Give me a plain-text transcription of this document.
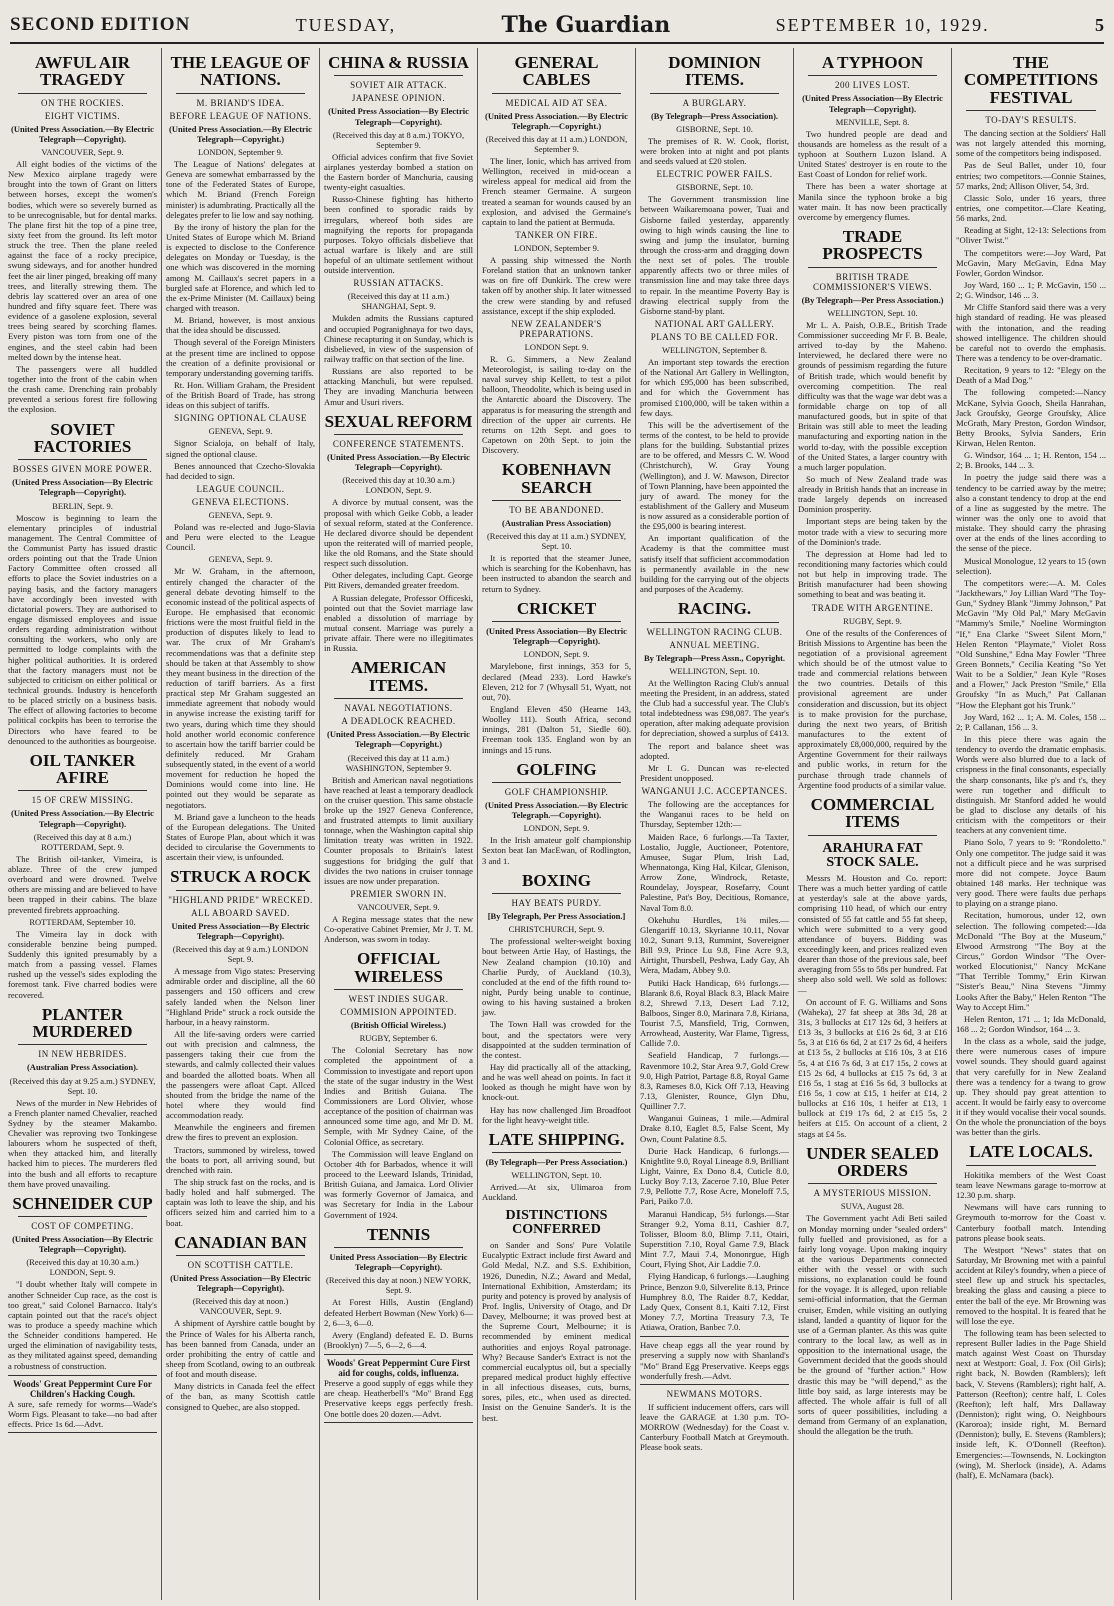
SECOND EDITION	TUESDAY,	The Guardian	SEPTEMBER 10, 1929.	5
AWFUL AIR TRAGEDY
ON THE ROCKIES.
EIGHT VICTIMS.
(United Press Association.—By Electric Telegraph—Copyright).
VANCOUVER, Sept. 9.
All eight bodies of the victims of the New Mexico airplane tragedy were brought into the town of Grant on litters between horses, except the women's bodies, which were so severely burned as to be unrecognisable, but for dental marks. The plane first hit the top of a pine tree, sixty feet from the ground. Its left motor struck the tree. Then the plane reeled against the face of a rocky precipice, swung sideways, and for another hundred feet the air liner pinged, breaking off many trees, and literally strewing them. The debris lay scattered over an area of one hundred and fifty square feet. There was evidence of a gasolene explosion, several trees being seared by scorching flames. Every piston was torn from one of the engines, and the steel cabin had been melted down by the intense heat.
The passengers were all huddled together into the front of the cabin when the crash came. Drenching rain probably prevented a serious forest fire following the explosion.
SOVIET FACTORIES
BOSSES GIVEN MORE POWER.
(United Press Association—By Electric Telegraph—Copyright).
BERLIN, Sept. 9.
Moscow is beginning to learn the elementary principles of industrial management. The Central Committee of the Communist Party has issued drastic orders pointing out that the Trade Union Factory Committee often crossed all efforts to place the Soviet industries on a paying basis, and the factory managers have accordingly been invested with dictatorial powers. They are authorised to engage dismissed employees and issue orders regarding administration without consulting the workers, who only are permitted to lodge complaints with the higher political authorities. It is ordered that the factory managers must not be subjected to criticism on either political or technical grounds. Industry is henceforth to be placed strictly on a business basis. The effect of allowing factories to become political cockpits has been to terrorise the Directors who have feared to be denounced to the authorities as bourgeoise.
OIL TANKER AFIRE
15 OF CREW MISSING.
(United Press Association.—By Electric Telegraph—Copyright).
(Received this day at 8 a.m.) ROTTERDAM, Sept. 9.
The British oil-tanker, Vimeira, is ablaze. Three of the crew jumped overboard and were drowned. Twelve others are missing and are believed to have been trapped in their cabins. The blaze prevented firebrets approaching.
ROTTERDAM, September 10.
The Vimeira lay in dock with considerable benzine being pumped. Suddenly this ignited presumably by a match from a passing vessel. Flames rushed up the vessel's sides exploding the foremost tank. Five charred bodies were recovered.
PLANTER MURDERED
IN NEW HEBRIDES.
(Australian Press Association).
(Received this day at 9.25 a.m.) SYDNEY, Sept. 10.
News of the murder in New Hebrides of a French planter named Chevalier, reached Sydney by the steamer Makambo. Chevalier was reproving two Tonkingese labourers whom he suspected of theft, when they attacked him, and literally hacked him to pieces. The murderers fled into the bush and all efforts to recapture them have proved unavailing.
SCHNEIDER CUP
COST OF COMPETING.
(United Press Association—By Electric Telegraph—Copyright).
(Received this day at 10.30 a.m.) LONDON, Sept. 9.
"I doubt whether Italy will compete in another Schneider Cup race, as the cost is too great," said Colonel Barnacco. Italy's captain pointed out that the race's object was to produce a speedy machine which the Schneider conditions hampered. He urged the elimination of navigability tests, as they militated against speed, demanding a robustness of construction.
Woods' Great Peppermint Cure For Children's Hacking Cough.
A sure, safe remedy for worms—Wade's Worm Figs. Pleasant to take—no bad after effects. Price 1s 6d.—Advt.
THE LEAGUE OF NATIONS.
M. BRIAND'S IDEA.
BEFORE LEAGUE OF NATIONS.
(United Press Association.—By Electric Telegraph—Copyright.)
LONDON, September 9.
The League of Nations' delegates at Geneva are somewhat embarrassed by the tone of the Federated States of Europe, which M. Briand (French Foreign minister) is adumbrating. Practically all the delegates prefer to lie low and say nothing.
By the irony of history the plan for the United States of Europe which M. Briand is expected to disclose to the Conference delegates on Monday or Tuesday, is the one which was discovered in the morning among M. Caillaux's secret papers in a burgled safe at Florence, and which led to the ex-Prime Minister (M. Caillaux) being charged with treason.
M. Briand, however, is most anxious that the idea should be discussed.
Though several of the Foreign Ministers at the present time are inclined to oppose the creation of a definite provisional or temporary understanding governing tariffs.
Rt. Hon. William Graham, the President of the British Board of Trade, has strong ideas on this subject of tariffs.
SIGNING OPTIONAL CLAUSE
GENEVA, Sept. 9.
Signor Scialoja, on behalf of Italy, signed the optional clause.
Benes announced that Czecho-Slovakia had decided to sign.
LEAGUE COUNCIL.
GENEVA ELECTIONS.
GENEVA, Sept. 9.
Poland was re-elected and Jugo-Slavia and Peru were elected to the League Council.
GENEVA, Sept. 9.
Mr W. Graham, in the afternoon, entirely changed the character of the general debate devoting himself to the economic instead of the political aspects of Europe. He emphasised that economic frictions were the most fruitful field in the production of disputes likely to lead to war. The crux of Mr Graham's recommendations was that a definite step should be taken at that Assembly to show they meant business in the direction of the reduction of tariff barriers. As a first practical step Mr Graham suggested an immediate agreement that nobody would in anywise increase the existing tariff for two years, during which time they should hold another world economic conference to ascertain how the tariff barrier could be definitely reduced. Mr Graham subsequently stated, in the event of a world movement for reduction he hoped the Dominions would come into line. He pointed out they would be separate as negotiators.
M. Briand gave a luncheon to the heads of the European delegations. The United States of Europe Plan, about which it was decided to circularise the Governments to ascertain their view, is unfounded.
STRUCK A ROCK
"HIGHLAND PRIDE" WRECKED.
ALL ABOARD SAVED.
United Press Association—By Electric Telegraph—Copyright).
(Received this day at 9 a.m.) LONDON Sept. 9.
A message from Vigo states: Preserving admirable order and discipline, all the 60 passengers and 150 officers and crew safely landed when the Nelson liner "Highland Pride" struck a rock outside the harbour, in a heavy rainstorm.
All the life-saving orders were carried out with precision and calmness, the passengers taking their cue from the stewards, and calmly collected their values and boarded the allotted boats. When all the passengers were afloat Capt. Allced shouted from the bridge the name of the hotel where they would find accommodation ready.
Meanwhile the engineers and firemen drew the fires to prevent an explosion.
Tractors, summoned by wireless, towed the boats to port, all arriving sound, but drenched with rain.
The ship struck fast on the rocks, and is badly holed and half submerged. The captain was loth to leave the ship, and his officers seized him and carried him to a boat.
CANADIAN BAN
ON SCOTTISH CATTLE.
(United Press Association—By Electric Telegraph—Copyright).
(Received this day at noon.) VANCOUVER, Sept. 9.
A shipment of Ayrshire cattle bought by the Prince of Wales for his Alberta ranch, has been banned from Canada, under an order prohibiting the entry of cattle and sheep from Scotland, owing to an outbreak of foot and mouth disease.
Many districts in Canada feel the effect of the ban, as many Scottish cattle consigned to Quebec, are also stopped.
CHINA & RUSSIA
SOVIET AIR ATTACK.
JAPANESE OPINION.
(United Press Association—By Electric Telegraph—Copyright).
(Received this day at 8 a.m.) TOKYO, September 9.
Official advices confirm that five Soviet airplanes yesterday bombed a station on the Eastern border of Manchuria, causing twenty-eight casualties.
Russo-Chinese fighting has hitherto been confined to sporadic raids by irregulars, whereof both sides are magnifying the reports for propaganda purposes. Tokyo officials disbelieve that actual warfare is likely and are still hopeful of an ultimate settlement without outside intervention.
RUSSIAN ATTACKS.
(Received this day at 11 a.m.) SHANGHAI, Sept. 9.
Mukden admits the Russians captured and occupied Pogranighnaya for two days, Chinese recapturing it on Sunday, which is disbelieved, in view of the suspension of railway traffic on that section of the line.
Russians are also reported to be attacking Manchuli, but were repulsed. They are invading Manchuria between Amur and Usuri rivers.
SEXUAL REFORM
CONFERENCE STATEMENTS.
(United Press Association.—By Electric Telegraph—Copyright).
(Received this day at 10.30 a.m.) LONDON, Sept. 9.
A divorce by mutual consent, was the proposal with which Geike Cobb, a leader of sexual reform, stated at the Conference. He declared divorce should be dependent upon the reiterated will of married people, like the old Romans, and the State should respect such dissolution.
Other delegates, including Capt. George Pitt Rivers, demanded greater freedom.
A Russian delegate, Professor Officeski, pointed out that the Soviet marriage law enabled a dissolution of marriage by mutual consent. Marriage was purely a private affair. There were no illegitimates in Russia.
AMERICAN ITEMS.
NAVAL NEGOTIATIONS.
A DEADLOCK REACHED.
(United Press Association.—By Electric Telegraph—Copyright.)
(Received this day at 11 a.m.) WASHINGTON, September 9.
British and American naval negotiations have reached at least a temporary deadlock on the cruiser question. This same obstacle broke up the 1927 Geneva Conference, and frustrated attempts to limit auxiliary tonnage, when the Washington capital ship limitation treaty was written in 1922. Counter proposals to Britain's latest suggestions for bridging the gulf that divides the two nations in cruiser tonnage issues are now under preparation.
PREMIER SWORN IN.
VANCOUVER, Sept. 9.
A Regina message states that the new Co-operative Cabinet Premier, Mr J. T. M. Anderson, was sworn in today.
OFFICIAL WIRELESS
WEST INDIES SUGAR.
COMMISION APPOINTED.
(British Official Wireless.)
RUGBY, September 6.
The Colonial Secretary has now completed the appointment of a Commission to investigate and report upon the state of the sugar industry in the West Indies and British Guiana. The Commissioners are Lord Olivier, whose acceptance of the position of chairman was announced some time ago, and Mr D. M. Semple, with Mr Sydney Caine, of the Colonial Office, as secretary.
The Commission will leave England on October 4th for Barbados, whence it will proceed to the Leeward Islands, Trinidad, British Guiana, and Jamaica. Lord Olivier was formerly Governor of Jamaica, and was Secretary for India in the Labour Government of 1924.
TENNIS
United Press Association—By Electric Telegraph—Copyright).
(Received this day at noon.) NEW YORK, Sept. 9.
At Forest Hills, Austin (England) defeated Herbert Bowman (New York) 6—2, 6—3, 6—0.
Avery (England) defeated E. D. Burns (Brooklyn) 7—5, 6—2, 6—4.
Woods' Great Peppermint Cure First aid for coughs, colds, influenza.
Preserve a good supply of eggs while they are cheap. Heatherbell's "Mo" Brand Egg Preservative keeps eggs perfectly fresh. One bottle does 20 dozen.—Advt.
GENERAL CABLES
MEDICAL AID AT SEA.
(United Press Association.—By Electric Telegraph.—Copyright.)
(Received this day at 11 a.m.) LONDON, September 9.
The liner, Ionic, which has arrived from Wellington, received in mid-ocean a wireless appeal for medical aid from the French steamer Germaine. A surgeon treated a seaman for wounds caused by an explosion, and advised the Germaine's captain to land the patient at Bermuda.
TANKER ON FIRE.
LONDON, September 9.
A passing ship witnessed the North Foreland station that an unknown tanker was on fire off Dunkirk. The crew were taken off by another ship. It later witnessed the crew were standing by and refused assistance, except if the ship exploded.
NEW ZEALANDER'S PREPARATIONS.
LONDON Sept. 9.
R. G. Simmers, a New Zealand Meteorologist, is sailing to-day on the naval survey ship Kellett, to test a pilot balloon, Theodolite, which is being used in the Antarctic aboard the Discovery. The apparatus is for measuring the strength and direction of the upper air currents. He returns on 12th Sept. and goes to Capetown on 20th Sept. to join the Discovery.
KOBENHAVN SEARCH
TO BE ABANDONED.
(Australian Press Association)
(Received this day at 11 a.m.) SYDNEY, Sept. 10.
It is reported that the steamer Junee, which is searching for the Kobenhavn, has been instructed to abandon the search and return to Sydney.
CRICKET
(United Press Association—By Electric Telegraph—Copyright).
LONDON, Sept. 9.
Marylebone, first innings, 353 for 5, declared (Mead 233). Lord Hawke's Eleven, 212 for 7 (Whysall 51, Wyatt, not out, 70).
England Eleven 450 (Hearne 143, Woolley 111). South Africa, second innings, 281 (Dalton 51, Siedle 60). Freeman took 135. England won by an innings and 15 runs.
GOLFING
GOLF CHAMPIONSHIP.
(United Press Association.—By Electric Telegraph.—Copyright).
LONDON, Sept. 9.
In the Irish amateur golf championship Sexton beat Ian MacEwan, of Rodlington, 3 and 1.
BOXING
HAY BEATS PURDY.
[By Telegraph, Per Press Association.]
CHRISTCHURCH, Sept. 9.
The professional welter-weight boxing bout between Artie Hay, of Hastings, the New Zealand champion (10.10) and Charlie Purdy, of Auckland (10.3), concluded at the end of the fifth round to-night, Purdy being unable to continue, owing to his having sustained a broken jaw.
The Town Hall was crowded for the bout, and the spectators were very disappointed at the sudden termination of the contest.
Hay did practically all of the attacking, and he was well ahead on points. In fact it looked as though he might have won by knock-out.
Hay has now challenged Jim Broadfoot for the light heavy-weight title.
LATE SHIPPING.
(By Telegraph—Per Press Association.)
WELLINGTON, Sept. 10.
Arrived.—At six, Ulimaroa from Auckland.
DISTINCTIONS CONFERRED
on Sander and Sons' Pure Volatile Eucalyptic Extract include first Award and Gold Medal, N.Z. and S.S. Exhibition, 1926, Dunedin, N.Z.; Award and Medal, International Exhibition, Amsterdam; its purity and potency is proved by analysis of Prof. Inglis, University of Otago, and Dr Davey, Melbourne; it was proved best at the Supreme Court, Melbourne; it is recommended by eminent medical authorities and enjoys Royal patronage. Why? Because Sander's Extract is not the commercial eucalyptus oil, but a specially prepared medical product highly effective in all infectious diseases, cuts, burns, sores, piles, etc., when used as directed. Insist on the Genuine Sander's. It is the best.
DOMINION ITEMS.
A BURGLARY.
(By Telegraph—Press Association).
GISBORNE, Sept. 10.
The premises of R. W. Cook, florist, were broken into at night and pot plants and seeds valued at £20 stolen.
ELECTRIC POWER FAILS.
GISBORNE, Sept. 10.
The Government transmission line between Waikaremoana power, Tuai and Gisborne failed yesterday, apparently owing to high winds causing the line to swing and jump the insulator, burning through the cross-arm and dragging down the next set of poles. The trouble apparently affects two or three miles of transmission line and may take three days to repair. In the meantime Poverty Bay is drawing electrical supply from the Gisborne stand-by plant.
NATIONAL ART GALLERY.
PLANS TO BE CALLED FOR.
WELLINGTON, September 8.
An important step towards the erection of the National Art Gallery in Wellington, for which £95,000 has been subscribed, and for which the Government has promised £100,000, will be taken within a few days.
This will be the advertisement of the terms of the contest, to be held to provide plans for the building. Substantial prizes are to be offered, and Messrs C. W. Wood (Christchurch), W. Gray Young (Wellington), and J. W. Mawson, Director of Town Planning, have been appointed the jury of award. The money for the establishment of the Gallery and Museum is now assured as a considerable portion of the £95,000 is bearing interest.
An important qualification of the Academy is that the committee must satisfy itself that sufficient accommodation is permanently available in the new building for the carrying out of the objects and purposes of the Academy.
RACING.
WELLINGTON RACING CLUB.
ANNUAL MEETING.
By Telegraph—Press Assn., Copyright.
WELLINGTON, Sept. 10.
At the Wellington Racing Club's annual meeting the President, in an address, stated the Club had a successful year. The Club's total indebtedness was £98,087. The year's operation, after making adequate provision for depreciation, showed a surplus of £413.
The report and balance sheet was adopted.
Mr I. G. Duncan was re-elected President unopposed.
WANGANUI J.C. ACCEPTANCES.
The following are the acceptances for the Wanganui races to be held on Thursday, September 12th:—
Maiden Race, 6 furlongs.—Ta Taxter, Lostalio, Juggle, Auctioneer, Potentore, Amusee, Sugar Plum, Irish Lad, Whennatonga, King Hal, Kilcar, Glenison, Arrow Zone, Windrock, Retaste, Roundelay, Joyspear, Rosefarry, Count Palestine, Pat's Boy, Decitious, Romance, Naval Tom 8.0.
Okehuhu Hurdles, 1¾ miles.—Glengariff 10.13, Skyrianne 10.11, Novar 10.2, Sunart 9.13, Rummint, Sovereigner Bill 9.9, Prince Lu 9.8, Fine Acre 9.3, Airtight, Thursbell, Peshwa, Lady Gay, Ah Wera, Madam, Abbey 9.0.
Putiki Hack Handicap, 6½ furlongs.—Blarank 8.6, Royal Black 8.3, Black Maire 8.2, Shrewd 7.13, Desert Lad 7.12, Balboos, Singer 8.0, Marinara 7.8, Kiriana, Tourist 7.5, Mansfield, Trig, Cornwen, Arrowhead, Austerity, War Flame, Tigress, Callide 7.0.
Seafield Handicap, 7 furlongs.—Ravenmore 10.2, Star Area 9.7, Gold Crew 9.0, High Patriot, Partage 8.8, Royal Game 8.3, Rameses 8.0, Kick Off 7.13, Heaving 7.13, Glenister, Rounce, Glyn Dhu, Quilliner 7.7.
Wanganui Guineas, 1 mile.—Admiral Drake 8.10, Eaglet 8.5, False Scent, My Own, Count Palatine 8.5.
Durie Hack Handicap, 6 furlongs.—Knightlite 9.0, Royal Lineage 8.9, Brilliant Light, Vainre, Ex Dono 8.4, Cuticle 8.0, Lucky Boy 7.13, Zaceroe 7.10, Blue Peter 7.9, Pellotte 7.7, Rose Acre, Moneloff 7.5, Pari, Paiko 7.0.
Maranui Handicap, 5½ furlongs.—Star Stranger 9.2, Yoma 8.11, Cashier 8.7, Tolisser, Bloom 8.0, Blimp 7.11, Otairi, Superstition 7.10, Royal Game 7.9, Black Mint 7.7, Maui 7.4, Mononrgue, High Court, Flying Shot, Air Laddie 7.0.
Flying Handicap, 6 furlongs.—Laughing Prince, Benzon 9.0, Silverelite 8.13, Prince Humphrey 8.0, The Raider 8.7, Keddar, Lady Quex, Consent 8.1, Kaiti 7.12, First Money 7.7, Mortina Treasury 7.3, Te Atiawa, Oration, Banbec 7.0.
Have cheap eggs all the year round by preserving a supply now with Shanland's "Mo" Brand Egg Preservative. Keeps eggs wonderfully fresh.—Advt.
NEWMANS MOTORS.
If sufficient inducement offers, cars will leave the GARAGE at 1.30 p.m. TO-MORROW (Wednesday) for the Coast v. Canterbury Football Match at Greymouth. Please book seats.
A TYPHOON
200 LIVES LOST.
(United Press Association—By Electric Telegraph—Copyright).
MENVILLE, Sept. 8.
Two hundred people are dead and thousands are homeless as the result of a typhoon at Southern Luzon Island. A United States' destroyer is en route to the East Coast of London for relief work.
There has been a water shortage at Manila since the typhoon broke a big water main. It has now been practically overcome by emergency flumes.
TRADE PROSPECTS
BRITISH TRADE COMMISSIONER'S VIEWS.
(By Telegraph—Per Press Association.)
WELLINGTON, Sept. 10.
Mr L. A. Paish, O.B.E., British Trade Commissioner succeeding Mr F. B. Beale, arrived to-day by the Maheno. Interviewed, he declared there were no grounds of pessimism regarding the future of British trade, which would benefit by overcoming competition. The real difficulty was that the wage war debt was a formidable charge on top of all manufactured goods, but in spite of that Britain was still able to meet the leading manufacturing and exporting nation in the world to-day, with the possible exception of the United States, a larger country with a much larger population.
So much of New Zealand trade was already in British hands that an increase in trade largely depends on increased Dominion prosperity.
Important steps are being taken by the motor trade with a view to securing more of the Dominion's trade.
The depression at Home had led to reconditioning many factories which could not but help in improving trade. The British manufacturer had been showing something to beat and was beating it.
TRADE WITH ARGENTINE.
RUGBY, Sept. 9.
One of the results of the Conferences of British Missions to Argentine has been the negotiation of a provisional agreement which should be of the utmost value to trade and commercial relations between the two countries. Details of this provisional agreement are under consideration and discussion, but its object is to make provision for the purchase, during the next two years, of British manufactures to the extent of approximately £8,000,000, required by the Argentine Government for their railways and public works, in return for the purchase through trade channels of Argentine food products of a similar value.
COMMERCIAL ITEMS
ARAHURA FAT STOCK SALE.
Messrs M. Houston and Co. report: There was a much better yarding of cattle at yesterday's sale at the above yards, comprising 110 head, of which our entry consisted of 55 fat cattle and 55 fat sheep, which were submitted to a very good attendance of buyers. Bidding was exceedingly keen, and prices realized even dearer than those of the previous sale, beef averaging from 55s to 58s per hundred. Fat sheep also sold well. We sold as follows:—
On account of F. G. Williams and Sons (Waheka), 27 fat sheep at 38s 3d, 28 at 31s, 3 bullocks at £17 12s 6d, 3 heifers at £13 3s, 3 bullocks at £16 2s 6d, 3 at £16 5s, 3 at £16 6s 6d, 2 at £17 2s 6d, 4 heifers at £13 5s, 2 bullocks at £16 10s, 3 at £16 5s, 4 at £16 7s 6d, 3 at £17 15s, 2 cows at £15 2s 6d, 4 bullocks at £15 7s 6d, 3 at £16 5s, 1 stag at £16 5s 6d, 3 bullocks at £16 5s, 1 cow at £15, 1 heifer at £14, 2 bullocks at £16 10s, 1 heifer at £13, 1 bullock at £19 17s 6d, 2 at £15 5s, 2 heifers at £15. On account of a client, 2 stags at £4 5s.
UNDER SEALED ORDERS
A MYSTERIOUS MISSION.
SUVA, August 28.
The Government yacht Adi Beti sailed on Monday morning under "sealed orders" fully fuelled and provisioned, as for a fairly long voyage. Upon making inquiry at the various Departments connected either with the vessel or with such missions, no explanation could be found for the voyage. It is alleged, upon reliable semi-official information, that the German cruiser, Emden, while visiting an outlying island, landed a quantity of liquor for the use of a German planter. As this was quite contrary to the local law, as well as in opposition to the international usage, the Government decided that the goods should be the ground of "further action." How drastic this may be "will depend," as the little boy said, as large interests may be affected. The whole affair is full of all sorts of queer possibilities, including a demand from Germany of an explanation, should the allegation be the truth.
THE COMPETITIONS FESTIVAL
TO-DAY'S RESULTS.
The dancing section at the Soldiers' Hall was not largely attended this morning, some of the competitors being indisposed.
Pas de Seul Ballet, under 10, four entries; two competitors.—Connie Staines, 57 marks, 2nd; Allison Oliver, 54, 3rd.
Classic Solo, under 16 years, three entries, one competitor.—Clare Keating, 56 marks, 2nd.
Reading at Sight, 12-13: Selections from "Oliver Twist."
The competitors were:—Joy Ward, Pat McGavin, Mary McGavin, Edna May Fowler, Gordon Windsor.
Joy Ward, 160 ... 1; P. McGavin, 150 ... 2; G. Windsor, 146 ... 3.
Mr Cliffe Stanford said there was a very high standard of reading. He was pleased with the intonation, and the reading showed intelligence. The children should be careful not to overdo the emphasis. There was a tendency to be over-dramatic.
Recitation, 9 years to 12: "Elegy on the Death of a Mad Dog."
The following competed:—Nancy McKane, Sylvia Gooch, Sheila Hanrahan, Jack Groufsky, George Groufsky, Alice McGrath, Mary Preston, Gordon Windsor, Betty Brooks, Sylvia Sanders, Erin Kirwan, Helen Renton.
G. Windsor, 164 ... 1; H. Renton, 154 ... 2; B. Brooks, 144 ... 3.
In poetry the judge said there was a tendency to be carried away by the metre; also a constant tendency to drop at the end of a line as suggested by the metre. The winner was the only one to avoid that mistake. They should carry the phrasing over at the ends of the lines according to the sense of the piece.
Musical Monologue, 12 years to 15 (own selection).
The competitors were:—A. M. Coles "Jackthewars," Joy Lillian Ward "The Toy-Gun," Sydney Blank "Jimmy Johnson," Pat McGavin "My Old Pal," Mary McGavin "Mammy's Smile," Noeline Wormington "If," Ena Clarke "Sweet Silent Morn," Helen Renton "Playmate," Violet Ross "Old Sunshine," Edna May Fowler "Three Green Bonnets," Cecilia Keating "So Yet Wait to be a Soldier," Jean Kyle "Roses and a Flower," Jack Preston "Smile," Ella Groufsky "In as Much," Pat Callanan "How the Elephant got his Trunk."
Joy Ward, 162 ... 1; A. M. Coles, 158 ... 2; P. Callanan, 156 ... 3.
In this piece there was again the tendency to overdo the dramatic emphasis. Words were also blurred due to a lack of crispness in the final consonants, especially the sharp consonants, like p's and t's, they were run together and difficult to distinguish. Mr Stanford added he would be glad to disclose any details of his criticism with the competitors or their teachers at any convenient time.
Piano Solo, 7 years to 9: "Rondoletto." Only one competitor. The judge said it was not a difficult piece and he was surprised more did not compete. Joyce Baum obtained 148 marks. Her technique was very good. There were faults due perhaps to playing on a strange piano.
Recitation, humorous, under 12, own selection. The following competed:—Ida McDonald "The Boy at the Museum," Elwood Armstrong "The Boy at the Circus," Gordon Windsor "The Over-worked Elocutionist," Nancy McKane "That Terrible Tommy," Erin Kirwan "Sister's Beau," Nina Stevens "Jimmy Looks After the Baby," Helen Renton "The Way to Accept Him."
Helen Renton, 171 ... 1; Ida McDonald, 168 ... 2; Gordon Windsor, 164 ... 3.
In the class as a whole, said the judge, there were numerous cases of impure vowel sounds. They should guard against that very carefully for in New Zealand there was a tendency for a twang to grow up. They should pay great attention to accent. It would be fairly easy to overcome it if they would vocalise their vocal sounds. On the whole the pronunciation of the boys was better than the girls.
LATE LOCALS.
Hokitika members of the West Coast team leave Newmans garage to-morrow at 12.30 p.m. sharp.
Newmans will have cars running to Greymouth to-morrow for the Coast v. Canterbury football match. Intending patrons please book seats.
The Westport "News" states that on Saturday, Mr Browning met with a painful accident at Riley's foundry, when a piece of steel flew up and struck his spectacles, breaking the glass and causing a piece to enter the ball of the eye. Mr Browning was removed to the hospital. It is feared that he will lose the eye.
The following team has been selected to represent Buller ladies in the Page Shield match against West Coast on Thursday next at Westport: Goal, J. Fox (Oil Girls); right back, N. Bowden (Ramblers); left back, V. Stevens (Ramblers); right half, A. Patterson (Reefton); centre half, I. Coles (Reefton); left half, Mrs Dallaway (Denniston); right wing, O. Neighbours (Karoroa); inside right, M. Bernard (Denniston); bully, E. Stevens (Ramblers); inside left, K. O'Donnell (Reefton). Emergencies:—Townsends, N. Lockington (wing), M. Sherlock (inside), A. Adams (half), E. McNamara (back).
